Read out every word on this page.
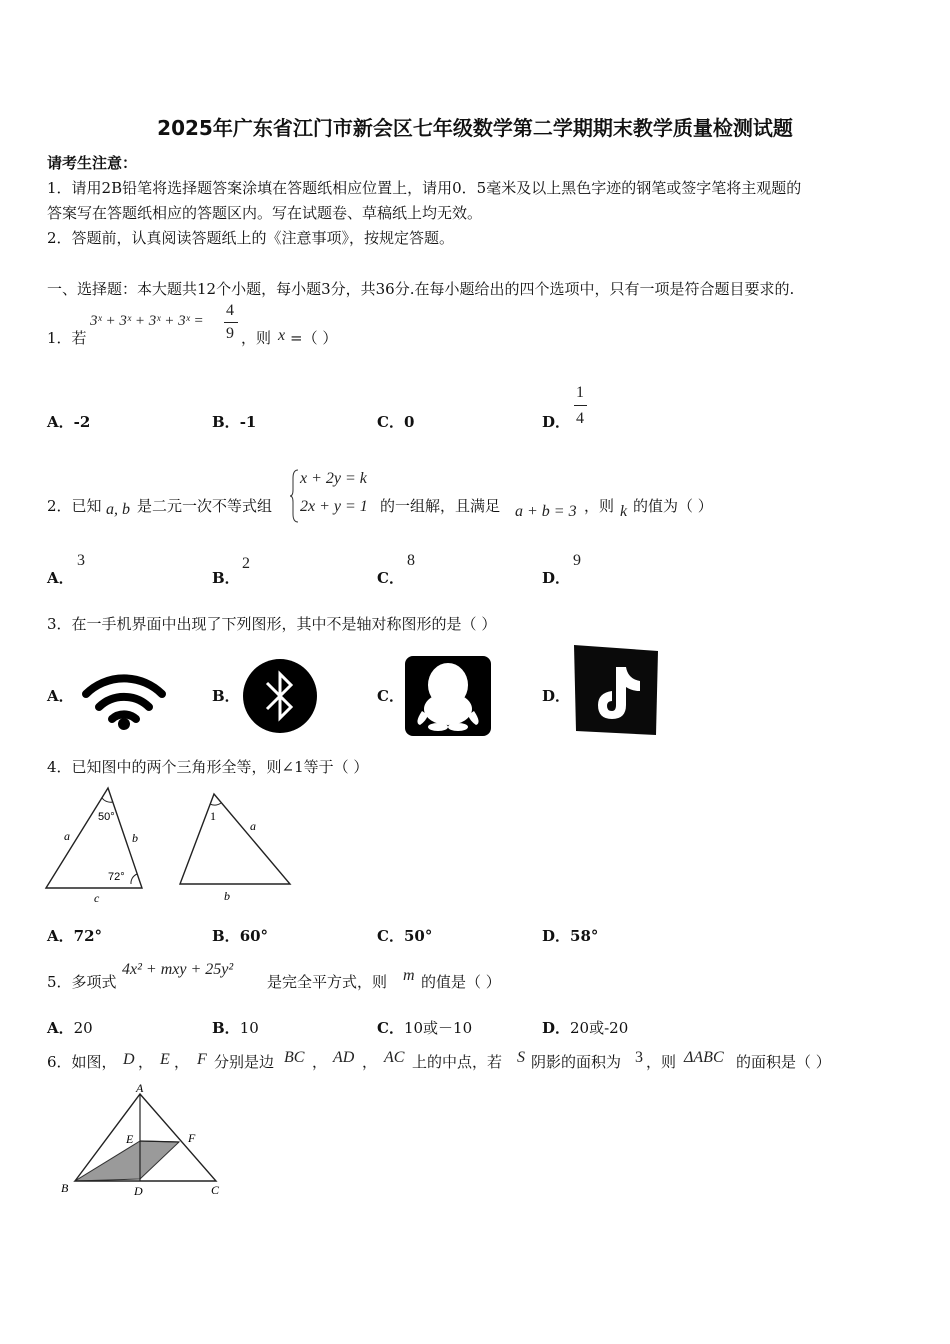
2025年广东省江门市新会区七年级数学第二学期期末教学质量检测试题
请考生注意：
1．请用2B铅笔将选择题答案涂填在答题纸相应位置上，请用0．5毫米及以上黑色字迹的钢笔或签字笔将主观题的
答案写在答题纸相应的答题区内。写在试题卷、草稿纸上均无效。
2．答题前，认真阅读答题纸上的《注意事项》，按规定答题。
一、选择题：本大题共12个小题，每小题3分，共36分.在每小题给出的四个选项中，只有一项是符合题目要求的.
1．若
3ˣ + 3ˣ + 3ˣ + 3ˣ =
4
9 ，则 x =（ ）
A．-2	B．-1	C．0	D．
1
4
2．已知 a, b 是二元一次不等式组
x + 2y = k
2x + y = 1 的一组解，且满足 a + b = 3 ，则 k 的值为（ ）
A．
3
B．
2
C．
8
D．
9
3．在一手机界面中出现了下列图形，其中不是轴对称图形的是（ ）
A．	B．	C．	D．
4．已知图中的两个三角形全等，则∠1等于（ ）
50°
72°
a	b
c
1
a
b
A．72°	B．60°	C．50°	D．58°
5．多项式
4x² + mxy + 25y²
是完全平方式，则 m 的值是（ ）
A．20	B．10	C．10或－10	D．20或-20
6．如图， D ， E ， F 分别是边 BC ， AD ， AC 上的中点，若 S 阴影的面积为 3 ，则 ΔABC 的面积是（ ）
A
B	C
D
E	F
